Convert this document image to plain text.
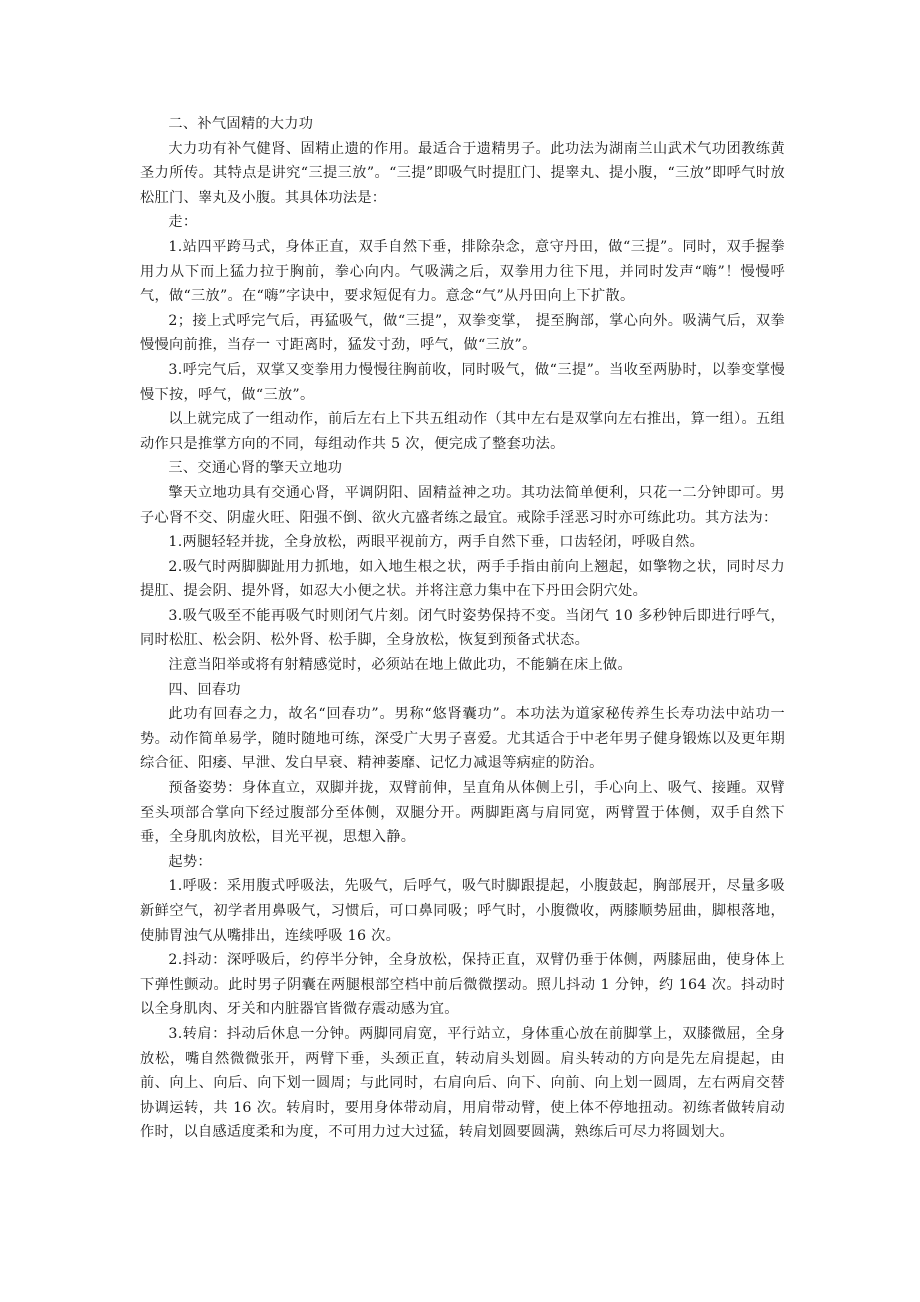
二、补气固精的大力功

大力功有补气健肾、固精止遗的作用。最适合于遗精男子。此功法为湖南兰山武术气功团教练黄圣力所传。其特点是讲究“三提三放”。“三提”即吸气时提肛门、提睾丸、提小腹，“三放”即呼气时放松肛门、睾丸及小腹。其具体功法是：

走：

1.站四平跨马式，身体正直，双手自然下垂，排除杂念，意守丹田，做“三提”。同时，双手握拳用力从下而上猛力拉于胸前，拳心向内。气吸满之后，双拳用力往下甩，并同时发声“嗨”！慢慢呼气，做“三放”。在“嗨”字诀中，要求短促有力。意念“气”从丹田向上下扩散。

2；接上式呼完气后，再猛吸气，做“三提”，双拳变掌， 提至胸部，掌心向外。吸满气后，双拳慢慢向前推，当存一 寸距离时，猛发寸劲，呼气，做“三放”。

3.呼完气后，双掌又变拳用力慢慢往胸前收，同时吸气，做“三提”。当收至两胁时，以拳变掌慢慢下按，呼气，做“三放”。

以上就完成了一组动作，前后左右上下共五组动作（其中左右是双掌向左右推出，算一组）。五组动作只是推掌方向的不同，每组动作共 5 次，便完成了整套功法。

三、交通心肾的擎天立地功

擎天立地功具有交通心肾，平调阴阳、固精益神之功。其功法简单便利，只花一二分钟即可。男子心肾不交、阴虚火旺、阳强不倒、欲火亢盛者练之最宜。戒除手淫恶习时亦可练此功。其方法为：

1.两腿轻轻并拢，全身放松，两眼平视前方，两手自然下垂，口齿轻闭，呼吸自然。

2.吸气时两脚脚趾用力抓地，如入地生根之状，两手手指由前向上翘起，如擎物之状，同时尽力提肛、提会阴、提外肾，如忍大小便之状。并将注意力集中在下丹田会阴穴处。

3.吸气吸至不能再吸气时则闭气片刻。闭气时姿势保持不变。当闭气 10 多秒钟后即进行呼气，同时松肛、松会阴、松外肾、松手脚，全身放松，恢复到预备式状态。

注意当阳举或将有射精感觉时，必须站在地上做此功，不能躺在床上做。

四、回春功

此功有回春之力，故名“回春功”。男称“悠肾囊功”。本功法为道家秘传养生长寿功法中站功一势。动作简单易学，随时随地可练，深受广大男子喜爱。尤其适合于中老年男子健身锻炼以及更年期综合征、阳痿、早泄、发白早衰、精神萎靡、记忆力减退等病症的防治。

预备姿势：身体直立，双脚并拢，双臂前伸，呈直角从体侧上引，手心向上、吸气、接踵。双臂至头项部合掌向下经过腹部分至体侧，双腿分开。两脚距离与肩同宽，两臂置于体侧，双手自然下垂，全身肌肉放松，目光平视，思想入静。

起势：

1.呼吸：采用腹式呼吸法，先吸气，后呼气，吸气时脚跟提起，小腹鼓起，胸部展开，尽量多吸新鲜空气，初学者用鼻吸气，习惯后，可口鼻同吸；呼气时，小腹微收，两膝顺势屈曲，脚根落地，使肺胃浊气从嘴排出，连续呼吸 16 次。

2.抖动：深呼吸后，约停半分钟，全身放松，保持正直，双臂仍垂于体侧，两膝屈曲，使身体上下弹性颤动。此时男子阴囊在两腿根部空档中前后微微摆动。照儿抖动 1 分钟，约 164 次。抖动时以全身肌肉、牙关和内脏器官皆微存震动感为宜。

3.转肩：抖动后休息一分钟。两脚同肩宽，平行站立，身体重心放在前脚掌上，双膝微屈，全身放松，嘴自然微微张开，两臂下垂，头颈正直，转动肩头划圆。肩头转动的方向是先左肩提起，由前、向上、向后、向下划一圆周；与此同时，右肩向后、向下、向前、向上划一圆周，左右两肩交替协调运转，共 16 次。转肩时，要用身体带动肩，用肩带动臂，使上体不停地扭动。初练者做转肩动作时，以自感适度柔和为度，不可用力过大过猛，转肩划圆要圆满，熟练后可尽力将圆划大。
